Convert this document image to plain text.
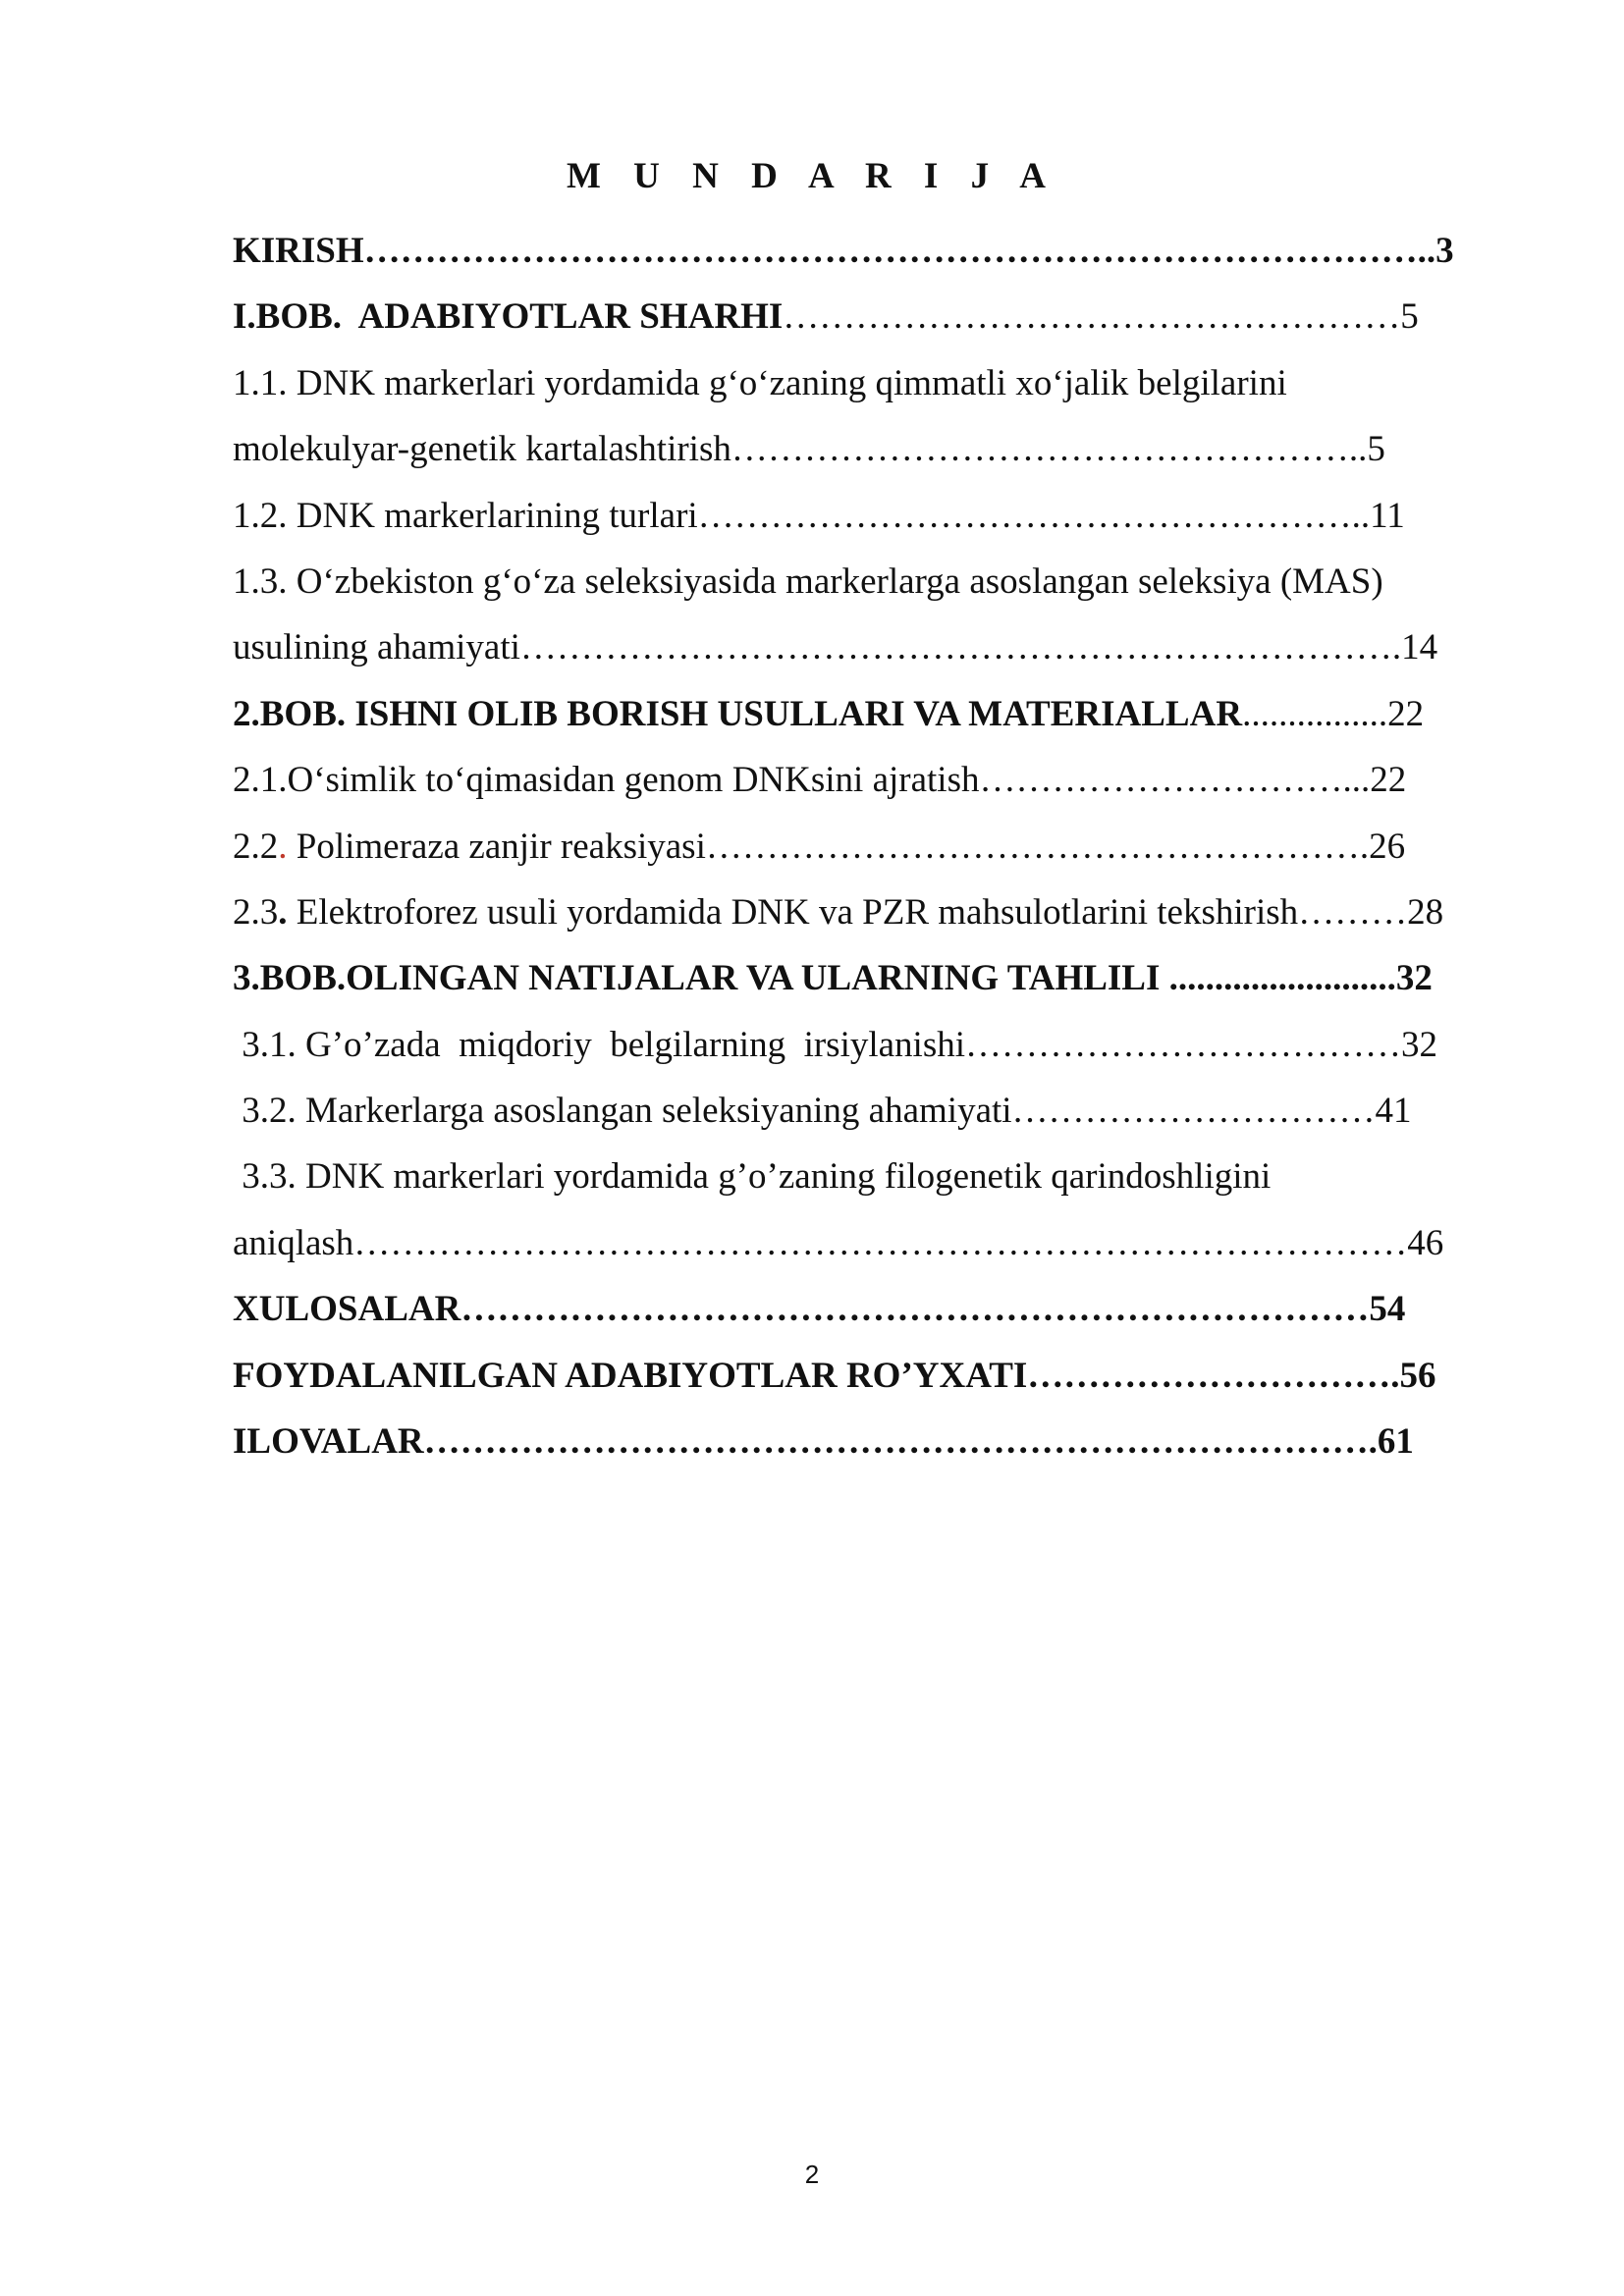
M U N D A R I J A
KIRISH……………………………………………………………………………..3
I.BOB.  ADABIYOTLAR SHARHI……………………………………………5
1.1. DNK markerlari yordamida g‘o‘zaning qimmatli xo‘jalik belgilarini
molekulyar-genetik kartalashtirish……………………………………………..5
1.2. DNK markerlarining turlari………………………………………………..11
1.3. O‘zbekiston g‘o‘za seleksiyasida markerlarga asoslangan seleksiya (MAS)
usulining ahamiyati……………………………………………………………….14
2.BOB. ISHNI OLIB BORISH USULLARI VA MATERIALLAR................22
2.1.O‘simlik to‘qimasidan genom DNKsini ajratish…………………………...22
2.2. Polimeraza zanjir reaksiyasi……………………………………………….26
2.3. Elektroforez usuli yordamida DNK va PZR mahsulotlarini tekshirish………28
3.BOB.OLINGAN NATIJALAR VA ULARNING TAHLILI .........................32
3.1. G’o’zada  miqdoriy  belgilarning  irsiylanishi………………………………32
3.2. Markerlarga asoslangan seleksiyaning ahamiyati…………………………41
3.3. DNK markerlari yordamida g’o’zaning filogenetik qarindoshligini
aniqlash……………………………………………………………………………46
XULOSALAR…………………………………………………………………54
FOYDALANILGAN ADABIYOTLAR RO’YXATI………………………….56
ILOVALAR…………………………………………………………………….61
2
